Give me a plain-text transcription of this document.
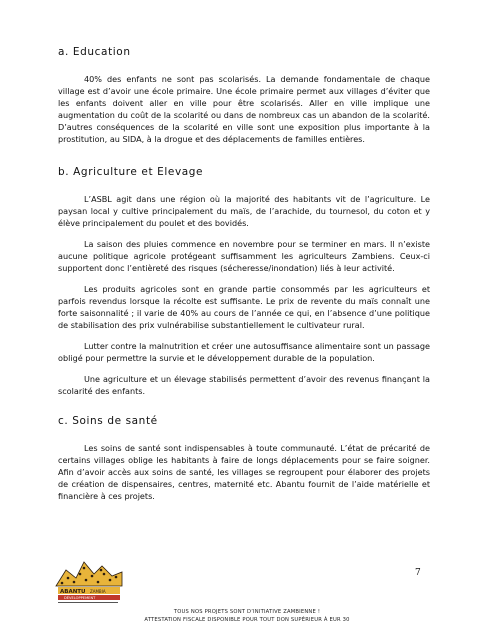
a. Education

40% des enfants ne sont pas scolarisés. La demande fondamentale de chaque village est d’avoir une école primaire. Une école primaire permet aux villages d’éviter que les enfants doivent aller en ville pour être scolarisés. Aller en ville implique une augmentation du coût de la scolarité ou dans de nombreux cas un abandon de la scolarité. D’autres conséquences de la scolarité en ville sont une exposition plus importante à la prostitution, au SIDA, à la drogue et des déplacements de familles entières.

b. Agriculture et Elevage

L’ASBL agit dans une région où la majorité des habitants vit de l’agriculture. Le paysan local y cultive principalement du maïs, de l’arachide, du tournesol, du coton et y élève principalement du poulet et des bovidés.

La saison des pluies commence en novembre pour se terminer en mars. Il n’existe aucune politique agricole protégeant suffisamment les agriculteurs Zambiens. Ceux-ci supportent donc l’entièreté des risques (sécheresse/inondation) liés à leur activité.

Les produits agricoles sont en grande partie consommés par les agriculteurs et parfois revendus lorsque la récolte est suffisante. Le prix de revente du maïs connaît une forte saisonnalité ; il varie de 40% au cours de l’année ce qui, en l’absence d’une politique de stabilisation des prix vulnérabilise substantiellement le cultivateur rural.

Lutter contre la malnutrition et créer une autosuffisance alimentaire sont un passage obligé pour permettre la survie et le développement durable de la population.

Une agriculture et un élevage stabilisés permettent d’avoir des revenus finançant la scolarité des enfants.

c. Soins de santé

Les soins de santé sont indispensables à toute communauté. L’état de précarité de certains villages oblige les habitants à faire de longs déplacements pour se faire soigner. Afin d’avoir accès aux soins de santé, les villages se regroupent pour élaborer des projets de création de dispensaires, centres, maternité etc. Abantu fournit de l’aide matérielle et financière à ces projets.

ABANTU ZAMBIA
DÉVELOPPEMENT
7
TOUS NOS PROJETS SONT D’INITIATIVE ZAMBIENNE !
ATTESTATION FISCALE DISPONIBLE POUR TOUT DON SUPÉRIEUR À EUR 30
